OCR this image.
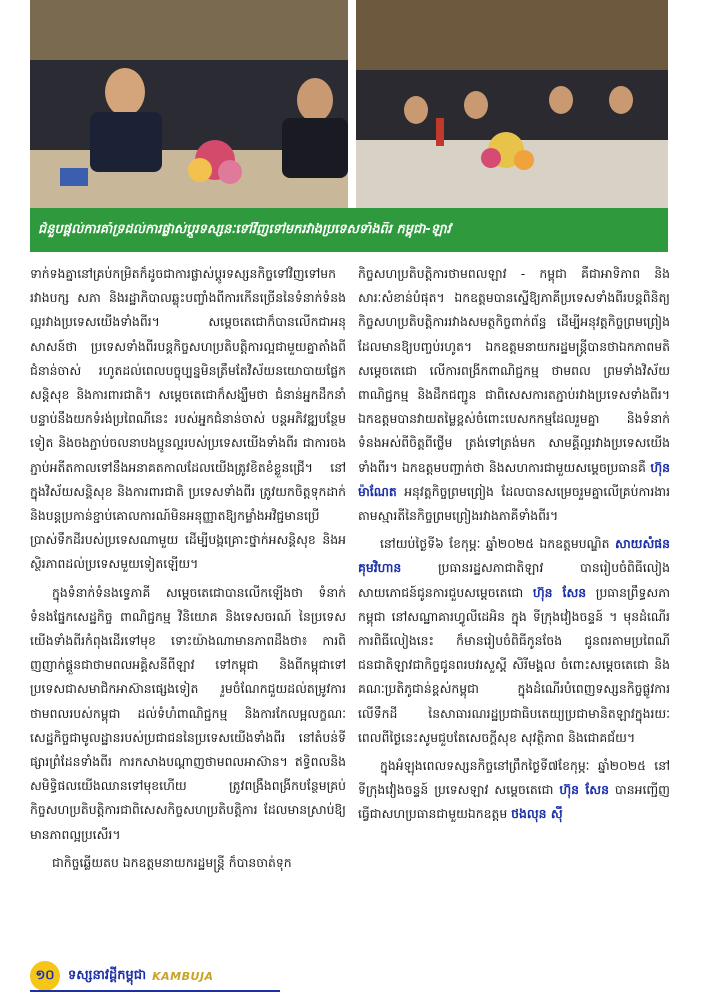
ជំនួបផ្ដល់ការគាំទ្រដល់ការផ្លាស់ប្ដូរទស្សនៈទៅវិញទៅមករវាងប្រទេសទាំងពីរ កម្ពុជា-ឡាវ

ទាក់ទងគ្នានៅគ្រប់កម្រិតក៏ដូចជាការផ្លាស់ប្ដូរទស្សនកិច្ចទៅវិញទៅមករវាងបក្ស សភា និងរដ្ឋាភិបាលឆ្លុះបញ្ចាំងពីការកើនច្រើននៃទំនាក់ទំនងល្អរវាងប្រទេសយើងទាំងពីរ។ សម្ដេចតេជោក៏បានលើកជាអនុសាសន៍ថា ប្រទេសទាំងពីរបន្តកិច្ចសហប្រតិបត្តិការល្អជាមួយគ្នាតាំងពីជំនាន់ចាស់ រហូតដល់ពេលបច្ចុប្បន្នមិនត្រឹមតែវិស័យនយោបាយផ្លែកសន្តិសុខ និងការពារជាតិ។ សម្ដេចតេជោក៏សង្ឃឹមថា ជំនាន់អ្នកដឹកនាំបន្ទាប់នឹងយកទំរង់ប្រពៃណីនេះ របស់អ្នកជំនាន់ចាស់ បន្តអភិវឌ្ឍបន្ថែមទៀត និងចងភ្ជាប់ចលនាបងប្អូនល្អរបស់ប្រទេសយើងទាំងពីរ ជាការចងភ្ជាប់អតីតកាលទៅនឹងអនាគតកាលដែលយើងត្រូវខិតខំខ្លួនជ្រើ។ នៅក្នុងវិស័យសន្តិសុខ និងការពារជាតិ ប្រទេសទាំងពីរ ត្រូវយកចិត្តទុកដាក់ និងបន្តប្រកាន់ខ្ជាប់គោលការណ៍មិនអនុញ្ញាតឱ្យកម្លាំងអវិជ្ជមានប្រើប្រាស់ទឹកដីរបស់ប្រទេសណាមួយ ដើម្បីបង្កគ្រោះថ្នាក់អសន្តិសុខ និងអស្ថិរភាពដល់ប្រទេសមួយទៀតឡើយ។

ក្នុងទំនាក់ទំនងទ្វេភាគី សម្ដេចតេជោបានលើកឡើងថា ទំនាក់ទំនងផ្នែកសេដ្ឋកិច្ច ពាណិជ្ជកម្ម វិនិយោគ និងទេសចរណ៍ នៃប្រទេសយើងទាំងពីរកំពុងដើរទៅមុខ ទោះយ៉ាងណាមានភាពដឹងថា៖ ការពិញញាក់ផ្គួនជាថាមពលអគ្គិសនីពីឡាវ ទៅកម្ពុជា និងពីកម្ពុជាទៅប្រទេសជាសមាជិកអាស៊ានផ្សេងទៀត រួមចំណែកជួយដល់តម្រូវការថាមពលរបស់កម្ពុជា ដល់ទំហំពាណិជ្ជកម្ម និងការកែលម្អលក្ខណៈសេដ្ឋកិច្ចជាមូលដ្ឋានរបស់ប្រជាជននៃប្រទេសយើងទាំងពីរ នៅតំបន់ទីផ្សារព្រំដែនទាំងពីរ ការកសាងបណ្ដាញថាមពលអាស៊ាន។ ឥទ្ធិពលនិងសមិទ្ធិផលយើងឈានទៅមុខហើយ ត្រូវពង្រឹងពង្រីកបន្ថែមគ្រប់កិច្ចសហប្រតិបត្តិការជាពិសេសកិច្ចសហប្រតិបត្តិការ ដែលមានស្រាប់ឱ្យមានភាពល្អប្រសើរ។

ជាកិច្ចឆ្លើយតប ឯកឧត្តមនាយករដ្ឋមន្ត្រី ក៏បានចាត់ទុក

កិច្ចសហប្រតិបត្តិការថាមពលឡាវ - កម្ពុជា គឺជាអាទិភាព និងសារៈសំខាន់បំផុត។ ឯកឧត្តមបានស្នើឱ្យភាគីប្រទេសទាំងពីរបន្តពិនិត្យកិច្ចសហប្រតិបត្តិការរវាងសមត្ថកិច្ចពាក់ព័ន្ធ ដើម្បីអនុវត្តកិច្ចព្រមព្រៀង ដែលមានឱ្យបញ្ចប់រហូត។ ឯកឧត្តមនាយករដ្ឋមន្ត្រីបានថាឯកភាពមតិសម្ដេចតេជោ លើការពង្រីកពាណិជ្ជកម្ម ថាមពល ព្រមទាំងវិស័យពាណិជ្ជកម្ម និងដឹកជញ្ជូន ជាពិសេសការតភ្ជាប់រវាងប្រទេសទាំងពីរ។ ឯកឧត្តមបានវាយតម្លៃខ្ពស់ចំពោះបេសកកម្មដែលរួមគ្នា និងទំនាក់ទំនងអស់ពីចិត្តពីថ្លើម ត្រង់ទៅត្រង់មក សាមគ្គីល្អរវាងប្រទេសយើងទាំងពីរ។ ឯកឧត្តមបញ្ជាក់ថា និងសហការជាមួយសម្ដេចប្រធានគឺ ហ៊ុន ម៉ាណែត អនុវត្តកិច្ចព្រមព្រៀង ដែលបានសម្រេចរួមគ្នាលើគ្រប់ការងារតាមស្មារតីនៃកិច្ចព្រមព្រៀងរវាងភាគីទាំងពីរ។

នៅយប់ថ្ងៃទី៦ ខែកុម្ភៈ ឆ្នាំ២០២៥ ឯកឧត្តមបណ្ឌិត សាយសំផន គុមវិហាន ប្រធានរដ្ឋសភាជាតិឡាវ បានរៀបចំពិធីលៀងសាយភោជន៍ជូនការជួបសម្ដេចតេជោ ហ៊ុន សែន ប្រធានព្រឹទ្ធសភាកម្ពុជា នៅសណ្ឋាគារហ្វូលីដេអិន ក្នុង ទីក្រុងវៀងចន្ទន៍ ។ មុនដំណើរការពិធីលៀងនេះ ក៏មានរៀបចំពិធីកូនចែង ជូនពរតាមប្រពៃណីជនជាតិឡាវជាកិច្ចជូនពរបវរសួស្ដី សិរីមង្គល ចំពោះសម្ដេចតេជោ និងគណៈប្រតិភូជាន់ខ្ពស់កម្ពុជា ក្នុងដំណើរបំពេញទស្សនកិច្ចផ្លូវការលើទឹកដី នៃសាធារណរដ្ឋប្រជាធិបតេយ្យប្រជាមានិតឡាវក្នុងរយៈពេលពីថ្ងៃនេះសូមជួបតែសេចក្ដីសុខ សុវត្ថិភាព និងជោគជ័យ។

ក្នុងអំឡុងពេលទស្សនកិច្ចនៅព្រឹកថ្ងៃទី៧ខែកុម្ភៈ ឆ្នាំ២០២៥ នៅទីក្រុងវៀងចន្ទន៍ ប្រទេសឡាវ សម្ដេចតេជោ ហ៊ុន សែន បានអញ្ជើញធ្វើជាសហប្រធានជាមួយឯកឧត្តម ថងលុន ស៊ី

១០	ទស្សនាវដ្ដីកម្ពុជា KAMBUJA
